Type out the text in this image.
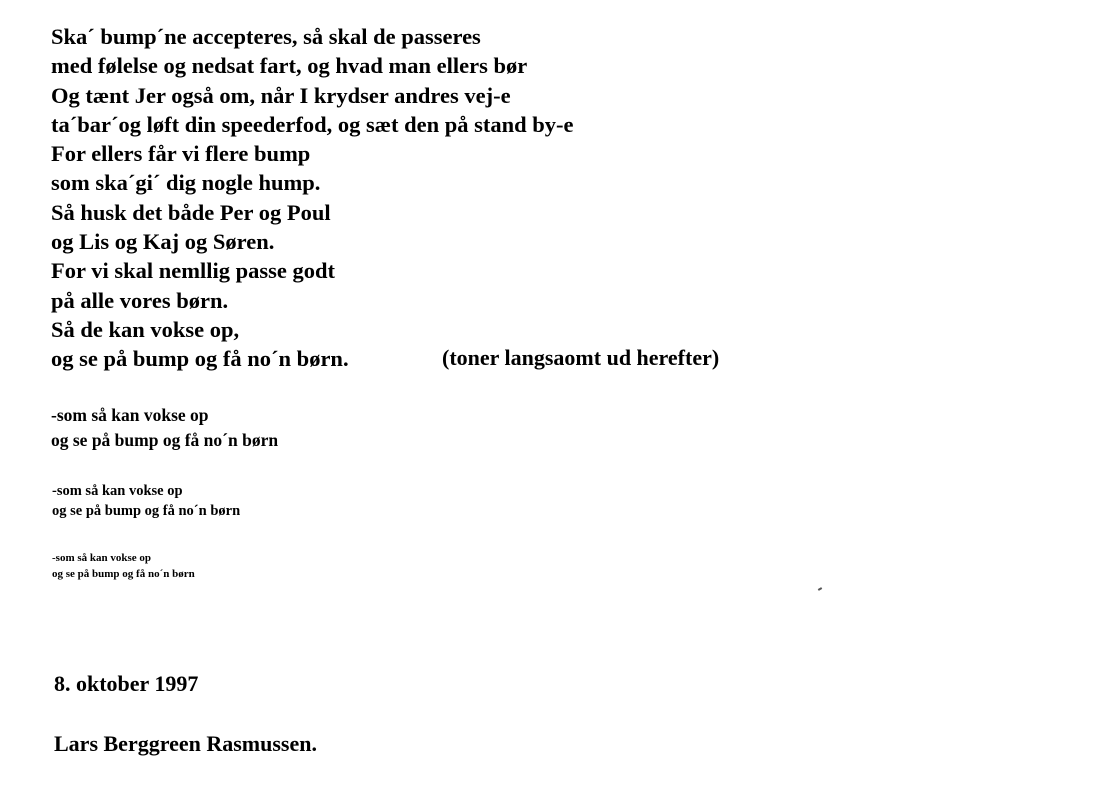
Ska´ bump´ne accepteres, så skal de passeres
med følelse og nedsat fart, og hvad man ellers bør
Og tænt Jer også om, når I krydser andres vej-e
ta´bar´og løft din speederfod, og sæt den på stand by-e
For ellers får vi flere bump
som ska´gi´ dig nogle hump.
Så husk det både Per og Poul
og Lis og Kaj og Søren.
For vi skal nemllig passe godt
på alle vores børn.
Så de kan vokse op,
og se på bump og få no´n børn.	(toner langsaomt ud herefter)
-som så kan vokse op
og se på bump og få no´n børn
-som så kan vokse op
og se på bump og få no´n børn
-som så kan vokse op
og se på bump og få no´n børn
8. oktober 1997
Lars Berggreen Rasmussen.
